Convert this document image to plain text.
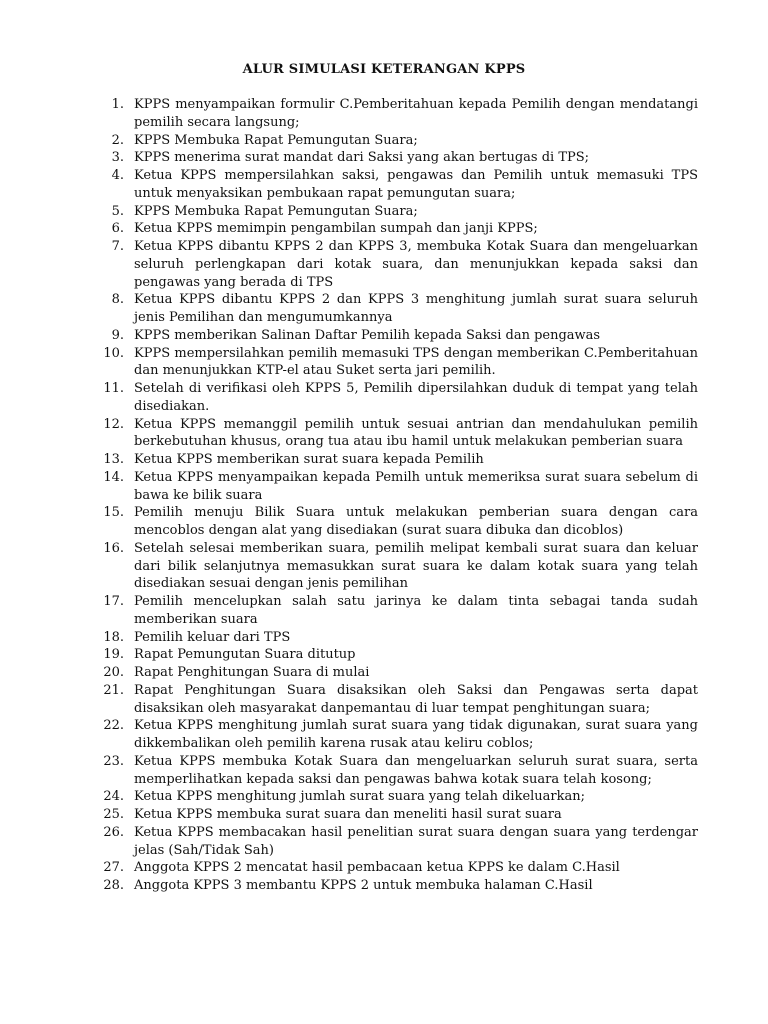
ALUR SIMULASI KETERANGAN KPPS
1. KPPS menyampaikan formulir C.Pemberitahuan kepada Pemilih dengan mendatangi pemilih secara langsung;
2. KPPS Membuka Rapat Pemungutan Suara;
3. KPPS menerima surat mandat dari Saksi yang akan bertugas di TPS;
4. Ketua KPPS mempersilahkan saksi, pengawas dan Pemilih untuk memasuki TPS untuk menyaksikan pembukaan rapat pemungutan suara;
5. KPPS Membuka Rapat Pemungutan Suara;
6. Ketua KPPS memimpin pengambilan sumpah dan janji KPPS;
7. Ketua KPPS dibantu KPPS 2 dan KPPS 3, membuka Kotak Suara dan mengeluarkan seluruh perlengkapan dari kotak suara, dan menunjukkan kepada saksi dan pengawas yang berada di TPS
8. Ketua KPPS dibantu KPPS 2 dan KPPS 3 menghitung jumlah surat suara seluruh jenis Pemilihan dan mengumumkannya
9. KPPS memberikan Salinan Daftar Pemilih kepada Saksi dan pengawas
10. KPPS mempersilahkan pemilih memasuki TPS dengan memberikan C.Pemberitahuan dan menunjukkan KTP-el atau Suket serta jari pemilih.
11. Setelah di verifikasi oleh KPPS 5, Pemilih dipersilahkan duduk di tempat yang telah disediakan.
12. Ketua KPPS memanggil pemilih untuk sesuai antrian dan mendahulukan pemilih berkebutuhan khusus, orang tua atau ibu hamil untuk melakukan pemberian suara
13. Ketua KPPS memberikan surat suara kepada Pemilih
14. Ketua KPPS menyampaikan kepada Pemilh untuk memeriksa surat suara sebelum di bawa ke bilik suara
15. Pemilih menuju Bilik Suara untuk melakukan pemberian suara dengan cara mencoblos dengan alat yang disediakan (surat suara dibuka dan dicoblos)
16. Setelah selesai memberikan suara, pemilih melipat kembali surat suara dan keluar dari bilik selanjutnya memasukkan surat suara ke dalam kotak suara yang telah disediakan sesuai dengan jenis pemilihan
17. Pemilih mencelupkan salah satu jarinya ke dalam tinta sebagai tanda sudah memberikan suara
18. Pemilih keluar dari TPS
19. Rapat Pemungutan Suara ditutup
20. Rapat Penghitungan Suara di mulai
21. Rapat Penghitungan Suara disaksikan oleh Saksi dan Pengawas serta dapat disaksikan oleh masyarakat danpemantau di luar tempat penghitungan suara;
22. Ketua KPPS menghitung jumlah surat suara yang tidak digunakan, surat suara yang dikkembalikan oleh pemilih karena rusak atau keliru coblos;
23. Ketua KPPS membuka Kotak Suara dan mengeluarkan seluruh surat suara, serta memperlihatkan kepada saksi dan pengawas bahwa kotak suara telah kosong;
24. Ketua KPPS menghitung jumlah surat suara yang telah dikeluarkan;
25. Ketua KPPS membuka surat suara dan meneliti hasil surat suara
26. Ketua KPPS membacakan hasil penelitian surat suara dengan suara yang terdengar jelas (Sah/Tidak Sah)
27. Anggota KPPS 2 mencatat hasil pembacaan ketua KPPS ke dalam C.Hasil
28. Anggota KPPS 3 membantu KPPS 2 untuk membuka halaman C.Hasil
